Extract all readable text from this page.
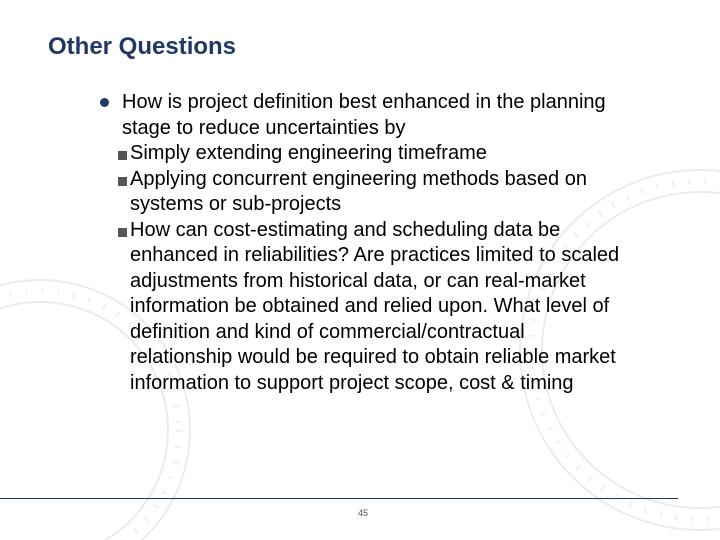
Other Questions
How is project definition best enhanced in the planning stage to reduce uncertainties by
Simply extending engineering timeframe
Applying concurrent engineering methods based on systems or sub-projects
How can cost-estimating and scheduling data be enhanced in reliabilities? Are practices limited to scaled adjustments from historical data, or can real-market information be obtained and relied upon. What level of definition and kind of commercial/contractual relationship would be required to obtain reliable market information to support project scope, cost & timing
45
